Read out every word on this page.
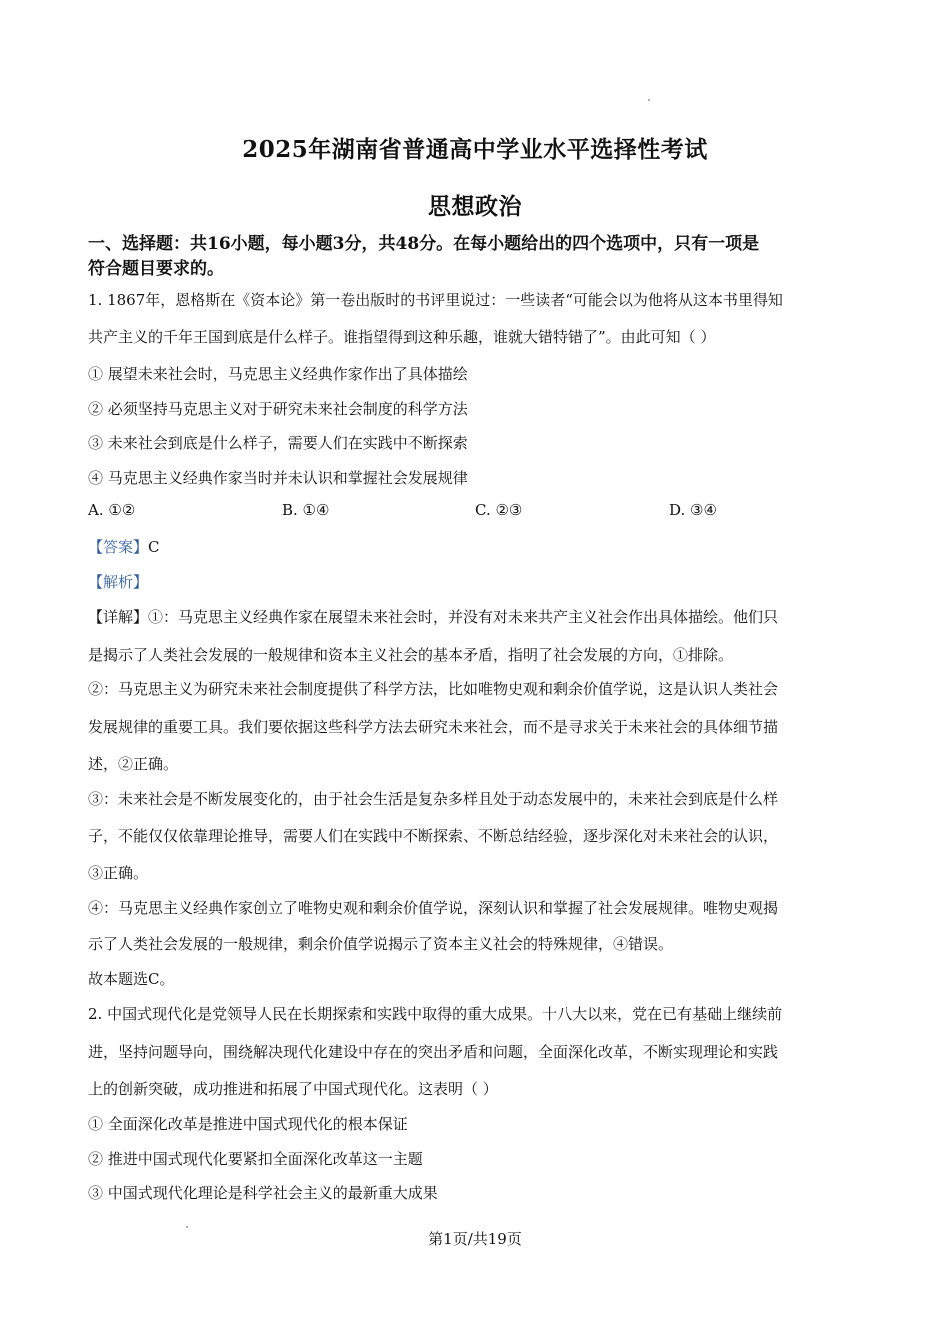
2025年湖南省普通高中学业水平选择性考试
思想政治
一、选择题：共16小题，每小题3分，共48分。在每小题给出的四个选项中，只有一项是 符合题目要求的。
1. 1867年，恩格斯在《资本论》第一卷出版时的书评里说过：一些读者“可能会以为他将从这本书里得知
共产主义的千年王国到底是什么样子。谁指望得到这种乐趣，谁就大错特错了”。由此可知（ ）
① 展望未来社会时，马克思主义经典作家作出了具体描绘
② 必须坚持马克思主义对于研究未来社会制度的科学方法
③ 未来社会到底是什么样子，需要人们在实践中不断探索
④ 马克思主义经典作家当时并未认识和掌握社会发展规律
A. ①②	B. ①④	C. ②③	D. ③④
【答案】C
【解析】
【详解】①：马克思主义经典作家在展望未来社会时，并没有对未来共产主义社会作出具体描绘。他们只
是揭示了人类社会发展的一般规律和资本主义社会的基本矛盾，指明了社会发展的方向，①排除。
②：马克思主义为研究未来社会制度提供了科学方法，比如唯物史观和剩余价值学说，这是认识人类社会
发展规律的重要工具。我们要依据这些科学方法去研究未来社会，而不是寻求关于未来社会的具体细节描
述，②正确。
③：未来社会是不断发展变化的，由于社会生活是复杂多样且处于动态发展中的，未来社会到底是什么样
子，不能仅仅依靠理论推导，需要人们在实践中不断探索、不断总结经验，逐步深化对未来社会的认识，
③正确。
④：马克思主义经典作家创立了唯物史观和剩余价值学说，深刻认识和掌握了社会发展规律。唯物史观揭
示了人类社会发展的一般规律，剩余价值学说揭示了资本主义社会的特殊规律，④错误。
故本题选C。
2. 中国式现代化是党领导人民在长期探索和实践中取得的重大成果。十八大以来，党在已有基础上继续前
进，坚持问题导向，围绕解决现代化建设中存在的突出矛盾和问题，全面深化改革，不断实现理论和实践
上的创新突破，成功推进和拓展了中国式现代化。这表明（ ）
① 全面深化改革是推进中国式现代化的根本保证
② 推进中国式现代化要紧扣全面深化改革这一主题
③ 中国式现代化理论是科学社会主义的最新重大成果
第1页/共19页
